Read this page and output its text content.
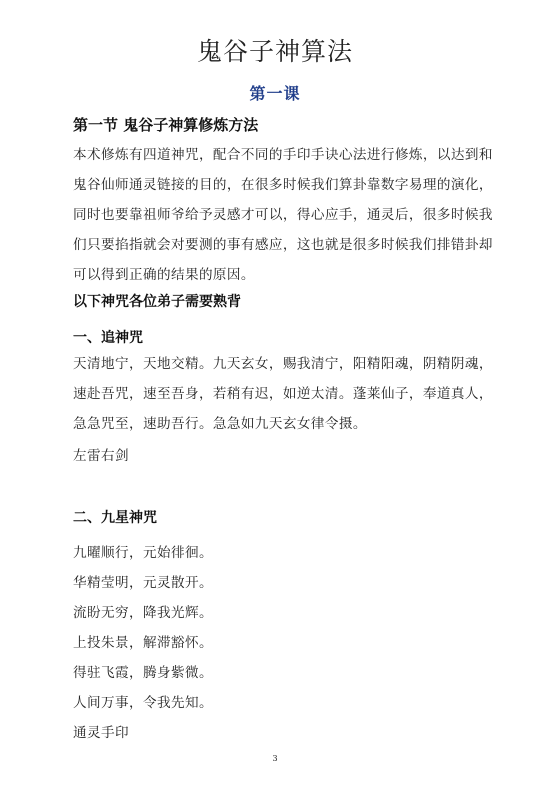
鬼谷子神算法
第一课
第一节 鬼谷子神算修炼方法
本术修炼有四道神咒，配合不同的手印手诀心法进行修炼，以达到和
鬼谷仙师通灵链接的目的，在很多时候我们算卦靠数字易理的演化，
同时也要靠祖师爷给予灵感才可以，得心应手，通灵后，很多时候我
们只要掐指就会对要测的事有感应，这也就是很多时候我们排错卦却
可以得到正确的结果的原因。
以下神咒各位弟子需要熟背
一、追神咒
天清地宁，天地交精。九天玄女，赐我清宁，阳精阳魂，阴精阴魂，
速赴吾咒，速至吾身，若稍有迟，如逆太清。蓬莱仙子，奉道真人，
急急咒至，速助吾行。急急如九天玄女律令摄。
左雷右剑
二、九星神咒
九曜顺行，元始徘徊。
华精莹明，元灵散开。
流盼无穷，降我光辉。
上投朱景，解滞豁怀。
得驻飞霞，腾身紫微。
人间万事，令我先知。
通灵手印
3
